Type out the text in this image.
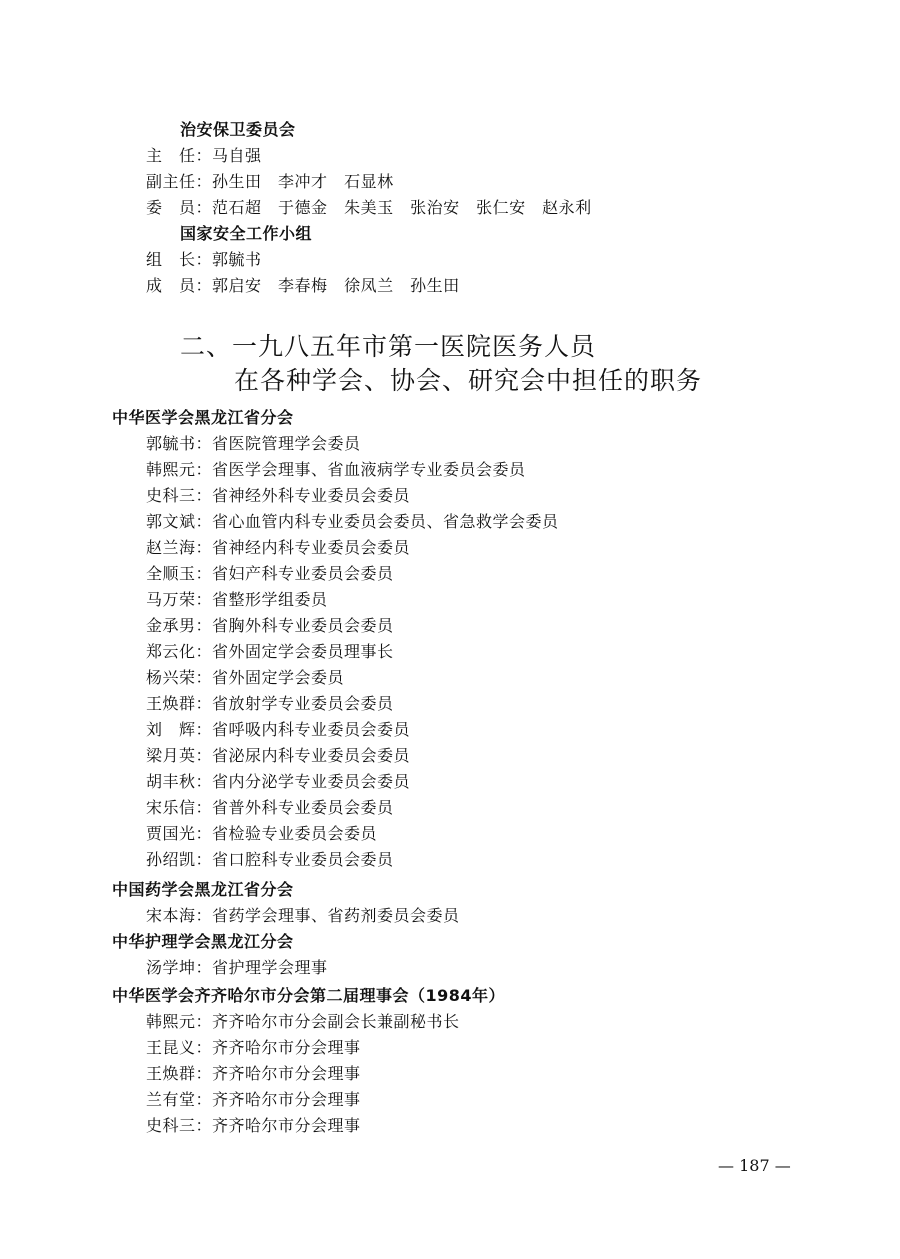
治安保卫委员会
主　任：马自强
副主任：孙生田　 李冲才　 石显林
委　员：范石超　 于德金　 朱美玉　 张治安　 张仁安　 赵永利
国家安全工作小组
组　长：郭毓书
成　员：郭启安　 李春梅　 徐凤兰　 孙生田
二、一九八五年市第一医院医务人员
在各种学会、协会、研究会中担任的职务
中华医学会黑龙江省分会
郭毓书：省医院管理学会委员
韩熙元：省医学会理事、省血液病学专业委员会委员
史科三：省神经外科专业委员会委员
郭文斌：省心血管内科专业委员会委员、省急救学会委员
赵兰海：省神经内科专业委员会委员
全顺玉：省妇产科专业委员会委员
马万荣：省整形学组委员
金承男：省胸外科专业委员会委员
郑云化：省外固定学会委员理事长
杨兴荣：省外固定学会委员
王焕群：省放射学专业委员会委员
刘　辉：省呼吸内科专业委员会委员
梁月英：省泌尿内科专业委员会委员
胡丰秋：省内分泌学专业委员会委员
宋乐信：省普外科专业委员会委员
贾国光：省检验专业委员会委员
孙绍凯：省口腔科专业委员会委员
中国药学会黑龙江省分会
宋本海：省药学会理事、省药剂委员会委员
中华护理学会黑龙江分会
汤学坤：省护理学会理事
中华医学会齐齐哈尔市分会第二届理事会（1984年）
韩熙元：齐齐哈尔市分会副会长兼副秘书长
王昆义：齐齐哈尔市分会理事
王焕群：齐齐哈尔市分会理事
兰有堂：齐齐哈尔市分会理事
史科三：齐齐哈尔市分会理事
— 187 —
